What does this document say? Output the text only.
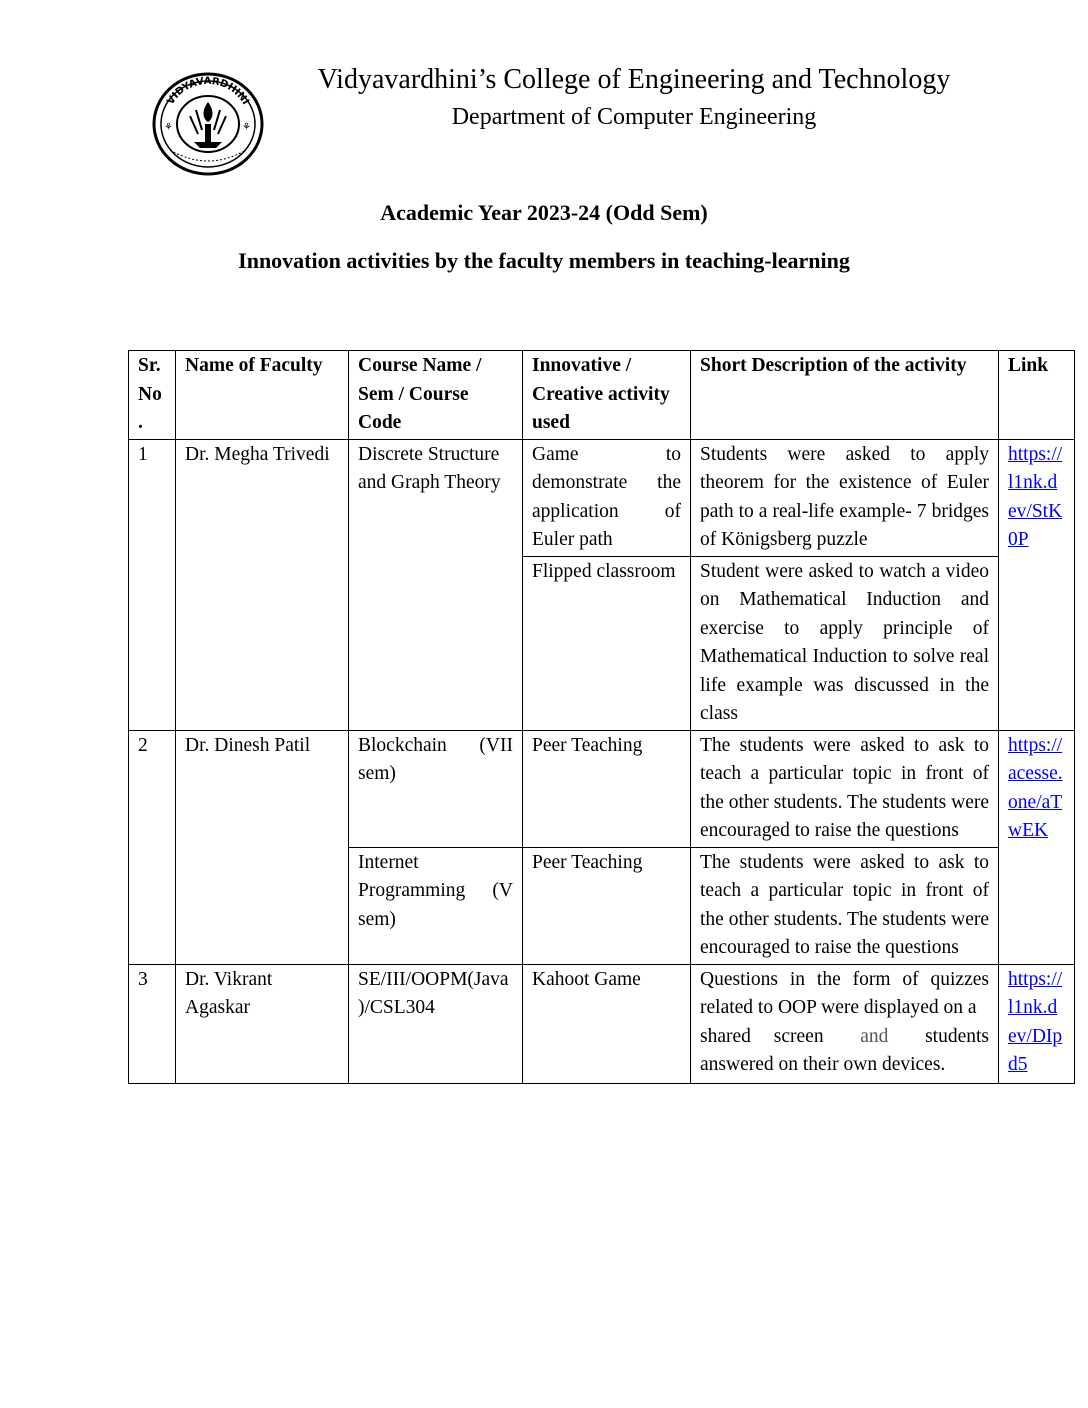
VIDYAVARDHINI
⚘	⚘
Vidyavardhini’s College of Engineering and Technology
Department of Computer Engineering
Academic Year 2023-24 (Odd Sem)
Innovation activities by the faculty members in teaching-learning
Sr. No .	Name of Faculty	Course Name / Sem / Course Code	Innovative / Creative activity used	Short Description of the activity	Link
1	Dr. Megha Trivedi	Discrete Structure and Graph Theory	Game to demonstrate the application of Euler path	Students were asked to apply theorem for the existence of Euler path to a real-life example- 7 bridges of Königsberg puzzle	https://l1nk.dev/StK0P
			Flipped classroom	Student were asked to watch a video on Mathematical Induction and exercise to apply principle of Mathematical Induction to solve real life example was discussed in the class	
2	Dr. Dinesh Patil	Blockchain (VII sem)	Peer Teaching	The students were asked to ask to teach a particular topic in front of the other students. The students were encouraged to raise the questions	https://acesse.one/aTwEK
		Internet Programming (V sem)	Peer Teaching	The students were asked to ask to teach a particular topic in front of the other students. The students were encouraged to raise the questions	
3	Dr. Vikrant Agaskar	SE/III/OOPM(Java)/CSL304	Kahoot Game	Questions in the form of quizzes related to OOP were displayed on a
shared screen and students
answered on their own devices.	https://l1nk.dev/DIpd5
